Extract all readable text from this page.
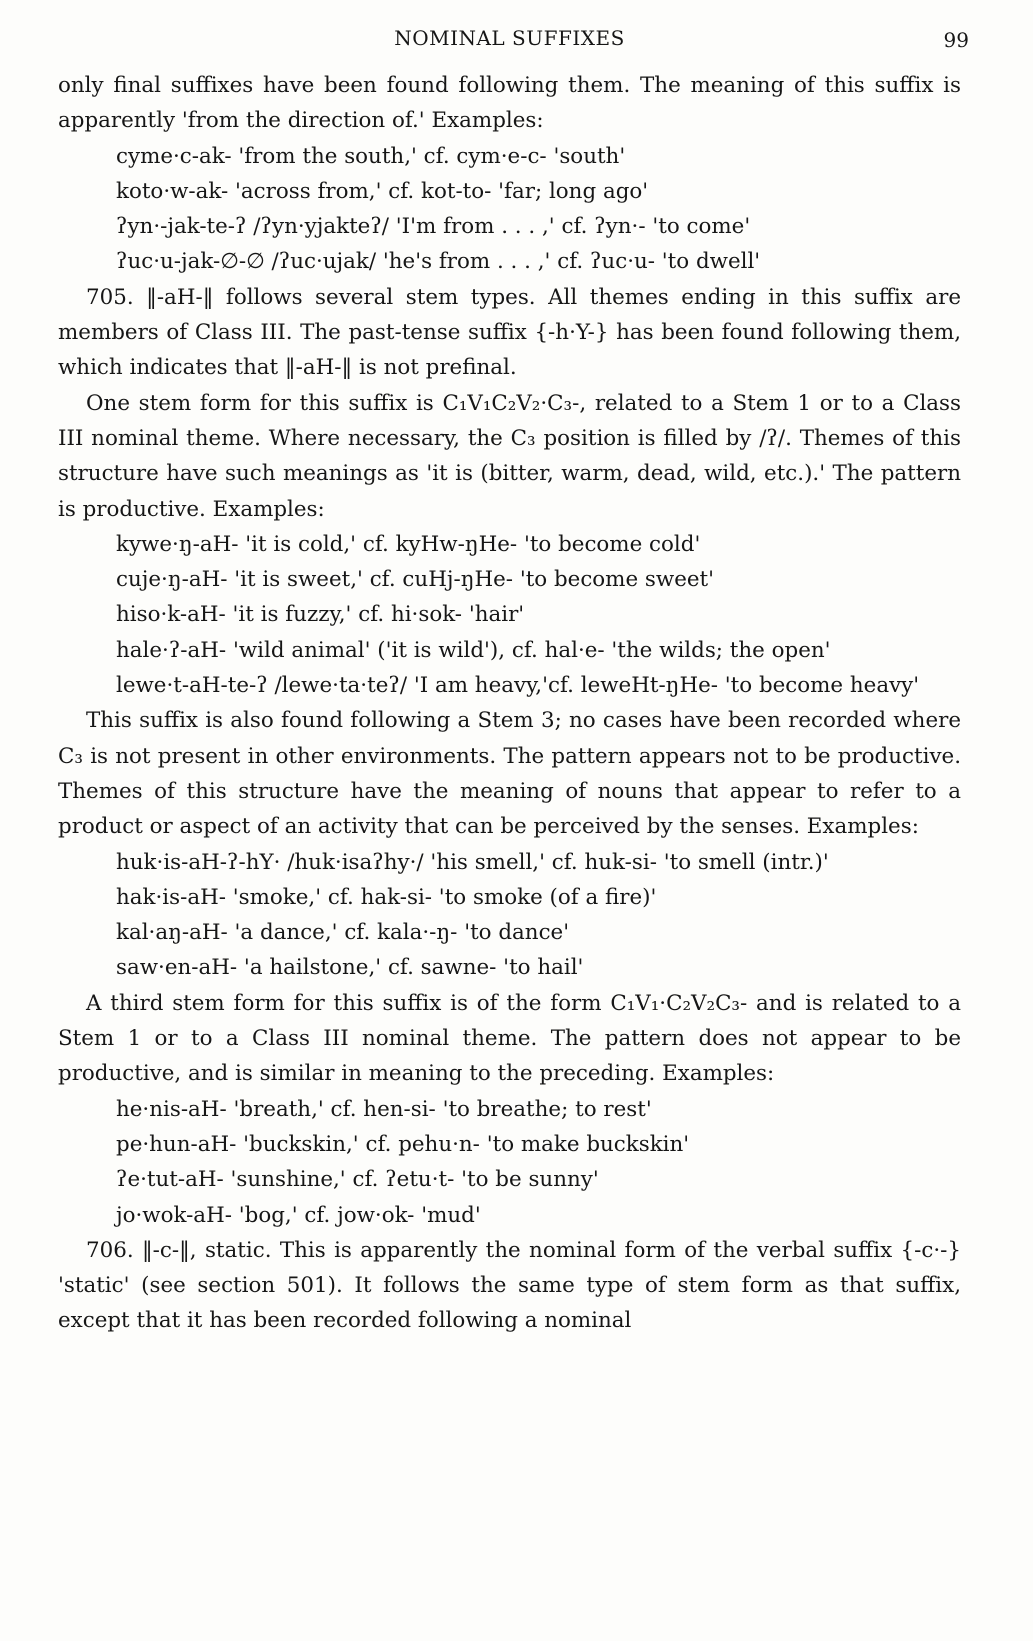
NOMINAL SUFFIXES	99

only final suffixes have been found following them. The meaning of this suffix is apparently 'from the direction of.' Examples:

cyme·c-ak- 'from the south,' cf. cym·e-c- 'south'

koto·w-ak- 'across from,' cf. kot-to- 'far; long ago'

ʔyn·-jak-te-ʔ /ʔyn·yjakteʔ/ 'I'm from . . . ,' cf. ʔyn·- 'to come'

ʔuc·u-jak-∅-∅ /ʔuc·ujak/ 'he's from . . . ,' cf. ʔuc·u- 'to dwell'

705. ‖-aH-‖ follows several stem types. All themes ending in this suffix are members of Class III. The past-tense suffix {-h·Y-} has been found following them, which indicates that ‖-aH-‖ is not prefinal.

One stem form for this suffix is C₁V₁C₂V₂·C₃-, related to a Stem 1 or to a Class III nominal theme. Where necessary, the C₃ position is filled by /ʔ/. Themes of this structure have such meanings as 'it is (bitter, warm, dead, wild, etc.).' The pattern is productive. Examples:

kywe·ŋ-aH- 'it is cold,' cf. kyHw-ŋHe- 'to become cold'

cuje·ŋ-aH- 'it is sweet,' cf. cuHj-ŋHe- 'to become sweet'

hiso·k-aH- 'it is fuzzy,' cf. hi·sok- 'hair'

hale·ʔ-aH- 'wild animal' ('it is wild'), cf. hal·e- 'the wilds; the open'

lewe·t-aH-te-ʔ /lewe·ta·teʔ/ 'I am heavy,'cf. leweHt-ŋHe- 'to become heavy'

This suffix is also found following a Stem 3; no cases have been recorded where C₃ is not present in other environments. The pattern appears not to be productive. Themes of this structure have the meaning of nouns that appear to refer to a product or aspect of an activity that can be perceived by the senses. Examples:

huk·is-aH-ʔ-hY· /huk·isaʔhy·/ 'his smell,' cf. huk-si- 'to smell (intr.)'

hak·is-aH- 'smoke,' cf. hak-si- 'to smoke (of a fire)'

kal·aŋ-aH- 'a dance,' cf. kala·-ŋ- 'to dance'

saw·en-aH- 'a hailstone,' cf. sawne- 'to hail'

A third stem form for this suffix is of the form C₁V₁·C₂V₂C₃- and is related to a Stem 1 or to a Class III nominal theme. The pattern does not appear to be productive, and is similar in meaning to the preceding. Examples:

he·nis-aH- 'breath,' cf. hen-si- 'to breathe; to rest'

pe·hun-aH- 'buckskin,' cf. pehu·n- 'to make buckskin'

ʔe·tut-aH- 'sunshine,' cf. ʔetu·t- 'to be sunny'

jo·wok-aH- 'bog,' cf. jow·ok- 'mud'

706. ‖-c-‖, static. This is apparently the nominal form of the verbal suffix {-c·-} 'static' (see section 501). It follows the same type of stem form as that suffix, except that it has been recorded following a nominal
